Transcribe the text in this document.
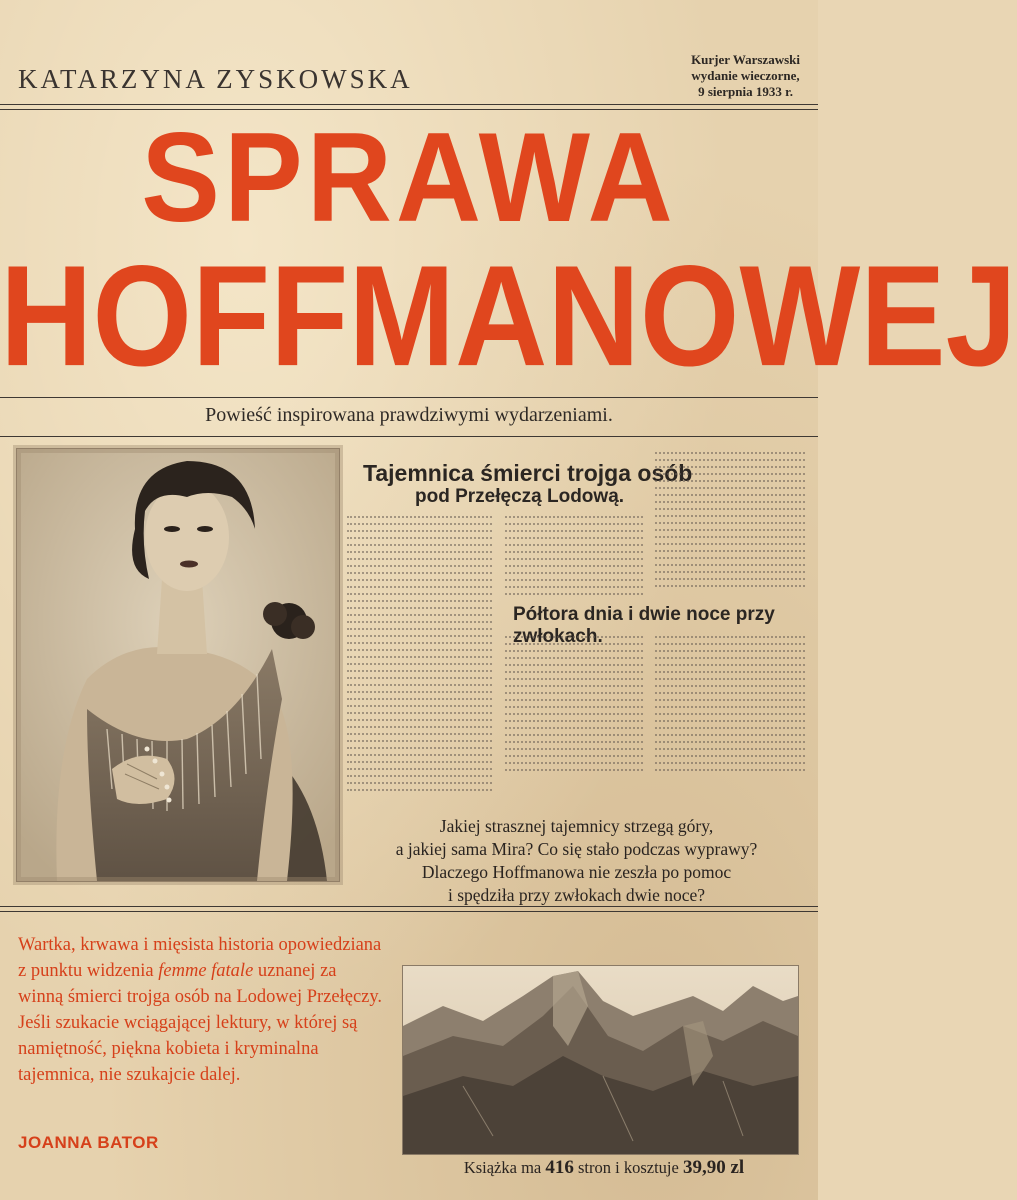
KATARZYNA ZYSKOWSKA
Kurjer Warszawski
wydanie wieczorne,
9 sierpnia 1933 r.
SPRAWA
HOFFMANOWEJ
Powieść inspirowana prawdziwymi wydarzeniami.
Tajemnica śmierci trojga osób
pod Przełęczą Lodową.
Półtora dnia i dwie noce przy zwłokach.
Jakiej strasznej tajemnicy strzegą góry,
a jakiej sama Mira? Co się stało podczas wyprawy?
Dlaczego Hoffmanowa nie zeszła po pomoc
i spędziła przy zwłokach dwie noce?
Wartka, krwawa i mięsista historia opowiedziana z punktu widzenia femme fatale uznanej za winną śmierci trojga osób na Lodowej Przełęczy. Jeśli szukacie wciągającej lektury, w której są namiętność, piękna kobieta i kryminalna tajemnica, nie szukajcie dalej.
JOANNA BATOR
Książka ma 416 stron i kosztuje 39,90 zl
